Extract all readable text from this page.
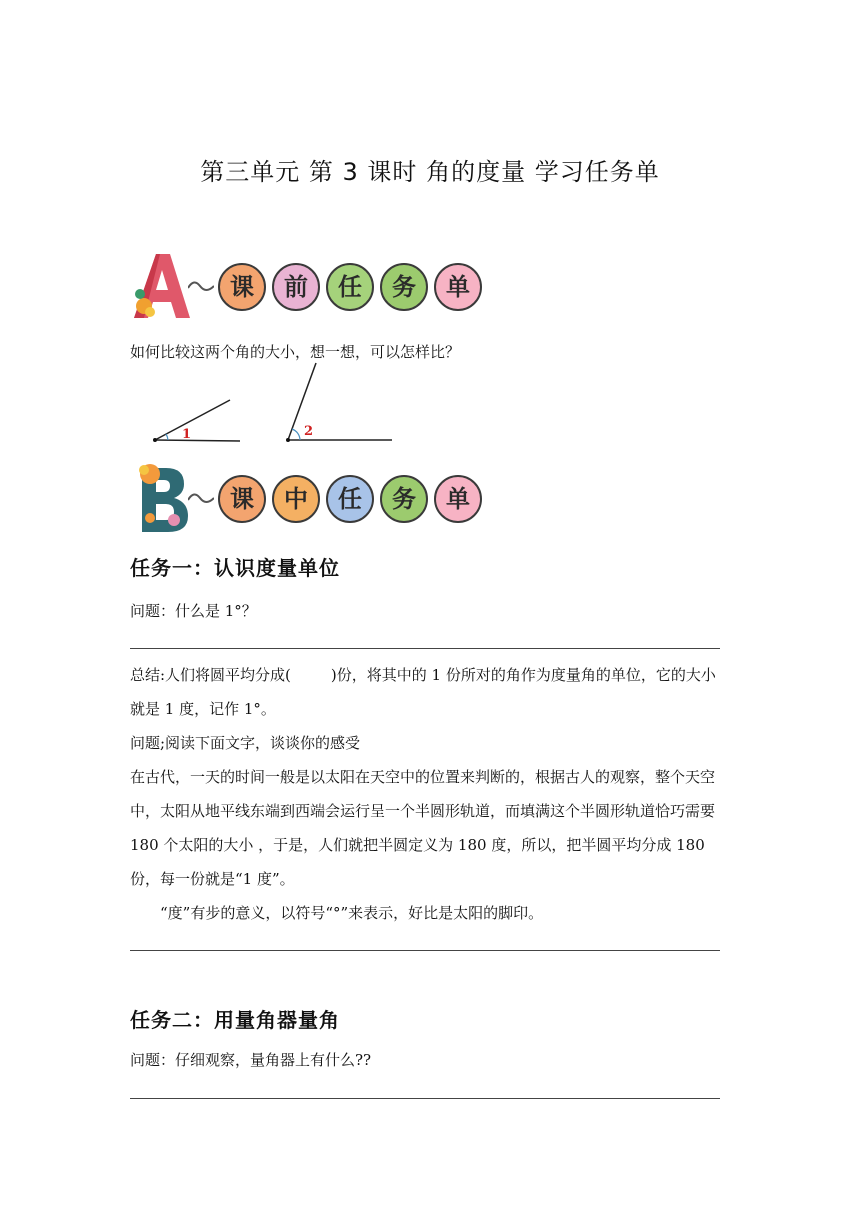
第三单元 第 3 课时 角的度量 学习任务单
课	前	任	务	单
如何比较这两个角的大小，想一想，可以怎样比？
1	2
课	中	任	务	单
任务一：认识度量单位
问题：什么是 1°？
总结:人们将圆平均分成(	)份，将其中的 1 份所对的角作为度量角的单位，它的大小就是 1 度，记作 1°。
问题;阅读下面文字，谈谈你的感受
在古代，一天的时间一般是以太阳在天空中的位置来判断的，根据古人的观察，整个天空中，太阳从地平线东端到西端会运行呈一个半圆形轨道，而填满这个半圆形轨道恰巧需要 180 个太阳的大小 ，于是，人们就把半圆定义为 180 度，所以，把半圆平均分成 180 份，每一份就是“1 度”。
“度”有步的意义，以符号“°”来表示，好比是太阳的脚印。
任务二：用量角器量角
问题：仔细观察，量角器上有什么??
